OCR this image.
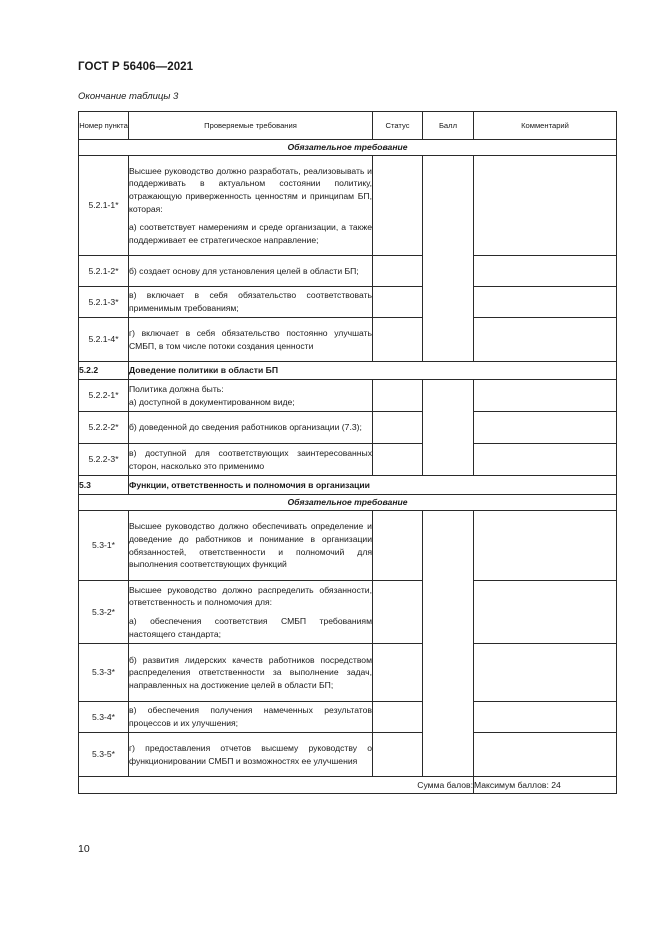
ГОСТ Р 56406—2021
Окончание таблицы 3
Номер пункта	Проверяемые требования	Статус	Балл	Комментарий
Обязательное требование				
5.2.1-1*	Высшее руководство должно разработать, реализовывать и поддерживать в актуальном состоянии политику, отражающую приверженность ценностям и принципам БП, которая:

а) соответствует намерениям и среде организации, а также поддерживает ее стратегическое направление;			

5.2.1-2*	б) создает основу для установления целей в области БП;			
5.2.1-3*	в) включает в себя обязательство соответствовать применимым требованиям;			
5.2.1-4*	г) включает в себя обязательство постоянно улучшать СМБП, в том числе потоки создания ценности			
5.2.2	Доведение политики в области БП			
5.2.2-1*	Политика должна быть:

а) доступной в документированном виде;			

5.2.2-2*	б) доведенной до сведения работников организации (7.3);			
5.2.2-3*	в) доступной для соответствующих заинтересованных сторон, насколько это применимо			
5.3	Функции, ответственность и полномочия в организации			
Обязательное требование				
5.3-1*	Высшее руководство должно обеспечивать определение и доведение до работников и понимание в организации обязанностей, ответственности и полномочий для выполнения соответствующих функций			
5.3-2*	Высшее руководство должно распределить обязанности, ответственность и полномочия для:

а) обеспечения соответствия СМБП требованиям настоящего стандарта;			

5.3-3*	б) развития лидерских качеств работников посредством распределения ответственности за выполнение задач, направленных на достижение целей в области БП;			
5.3-4*	в) обеспечения получения намеченных результатов процессов и их улучшения;			
5.3-5*	г) предоставления отчетов высшему руководству о функционировании СМБП и возможностях ее улучшения			
Сумма балов:				Максимум баллов: 24
10
